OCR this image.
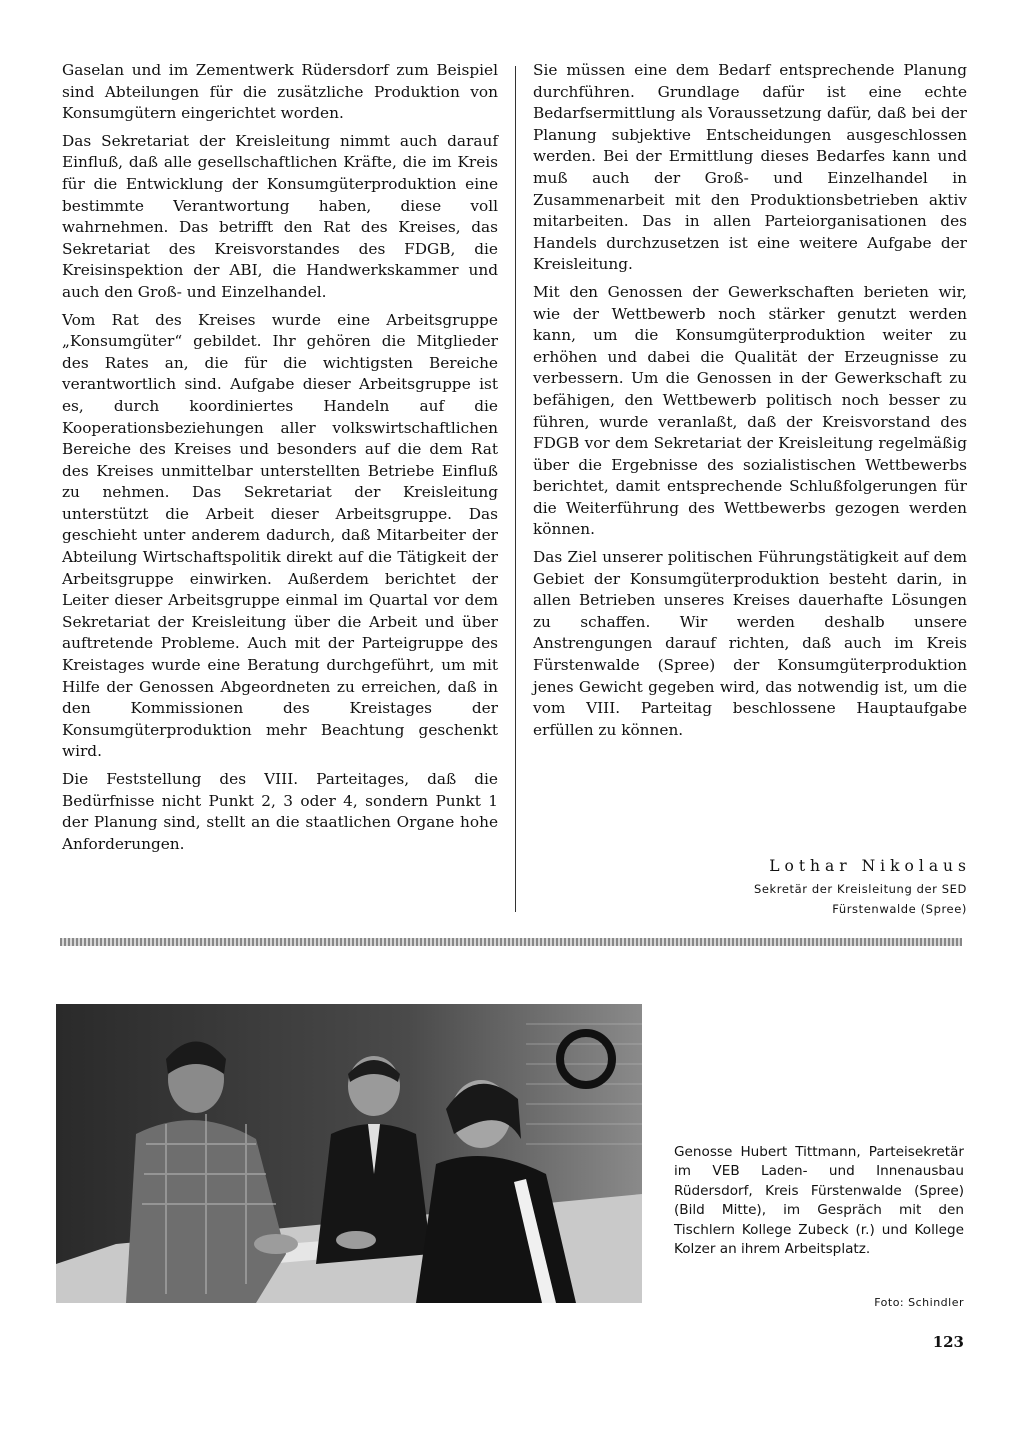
Gaselan und im Zementwerk Rüdersdorf zum Beispiel sind Abteilungen für die zusätzliche Produktion von Konsumgütern eingerichtet worden.

Das Sekretariat der Kreisleitung nimmt auch darauf Einfluß, daß alle gesellschaftlichen Kräfte, die im Kreis für die Entwicklung der Konsumgüterproduktion eine bestimmte Verantwortung haben, diese voll wahrnehmen. Das betrifft den Rat des Kreises, das Sekretariat des Kreisvorstandes des FDGB, die Kreisinspektion der ABI, die Handwerkskammer und auch den Groß- und Einzelhandel.

Vom Rat des Kreises wurde eine Arbeitsgruppe „Konsumgüter“ gebildet. Ihr gehören die Mitglieder des Rates an, die für die wichtigsten Bereiche verantwortlich sind. Aufgabe dieser Arbeitsgruppe ist es, durch koordiniertes Handeln auf die Kooperationsbeziehungen aller volkswirtschaftlichen Bereiche des Kreises und besonders auf die dem Rat des Kreises unmittelbar unterstellten Betriebe Einfluß zu nehmen. Das Sekretariat der Kreisleitung unterstützt die Arbeit dieser Arbeitsgruppe. Das geschieht unter anderem dadurch, daß Mitarbeiter der Abteilung Wirtschaftspolitik direkt auf die Tätigkeit der Arbeitsgruppe einwirken. Außerdem berichtet der Leiter dieser Arbeitsgruppe einmal im Quartal vor dem Sekretariat der Kreisleitung über die Arbeit und über auftretende Probleme. Auch mit der Parteigruppe des Kreistages wurde eine Beratung durchgeführt, um mit Hilfe der Genossen Abgeordneten zu erreichen, daß in den Kommissionen des Kreistages der Konsumgüterproduktion mehr Beachtung geschenkt wird.

Die Feststellung des VIII. Parteitages, daß die Bedürfnisse nicht Punkt 2, 3 oder 4, sondern Punkt 1 der Planung sind, stellt an die staatlichen Organe hohe Anforderungen.

Sie müssen eine dem Bedarf entsprechende Planung durchführen. Grundlage dafür ist eine echte Bedarfsermittlung als Voraussetzung dafür, daß bei der Planung subjektive Entscheidungen ausgeschlossen werden. Bei der Ermittlung dieses Bedarfes kann und muß auch der Groß- und Einzelhandel in Zusammenarbeit mit den Produktionsbetrieben aktiv mitarbeiten. Das in allen Parteiorganisationen des Handels durchzusetzen ist eine weitere Aufgabe der Kreisleitung.

Mit den Genossen der Gewerkschaften berieten wir, wie der Wettbewerb noch stärker genutzt werden kann, um die Konsumgüterproduktion weiter zu erhöhen und dabei die Qualität der Erzeugnisse zu verbessern. Um die Genossen in der Gewerkschaft zu befähigen, den Wettbewerb politisch noch besser zu führen, wurde veranlaßt, daß der Kreisvorstand des FDGB vor dem Sekretariat der Kreisleitung regelmäßig über die Ergebnisse des sozialistischen Wettbewerbs berichtet, damit entsprechende Schlußfolgerungen für die Weiterführung des Wettbewerbs gezogen werden können.

Das Ziel unserer politischen Führungstätigkeit auf dem Gebiet der Konsumgüterproduktion besteht darin, in allen Betrieben unseres Kreises dauerhafte Lösungen zu schaffen. Wir werden deshalb unsere Anstrengungen darauf richten, daß auch im Kreis Fürstenwalde (Spree) der Konsumgüterproduktion jenes Gewicht gegeben wird, das notwendig ist, um die vom VIII. Parteitag beschlossene Hauptaufgabe erfüllen zu können.

Lothar Nikolaus
Sekretär der Kreisleitung der SED
Fürstenwalde (Spree)

Genosse Hubert Tittmann, Parteisekretär im VEB Laden- und Innenausbau Rüdersdorf, Kreis Fürstenwalde (Spree) (Bild Mitte), im Gespräch mit den Tischlern Kollege Zubeck (r.) und Kollege Kolzer an ihrem Arbeitsplatz.

Foto: Schindler
123
